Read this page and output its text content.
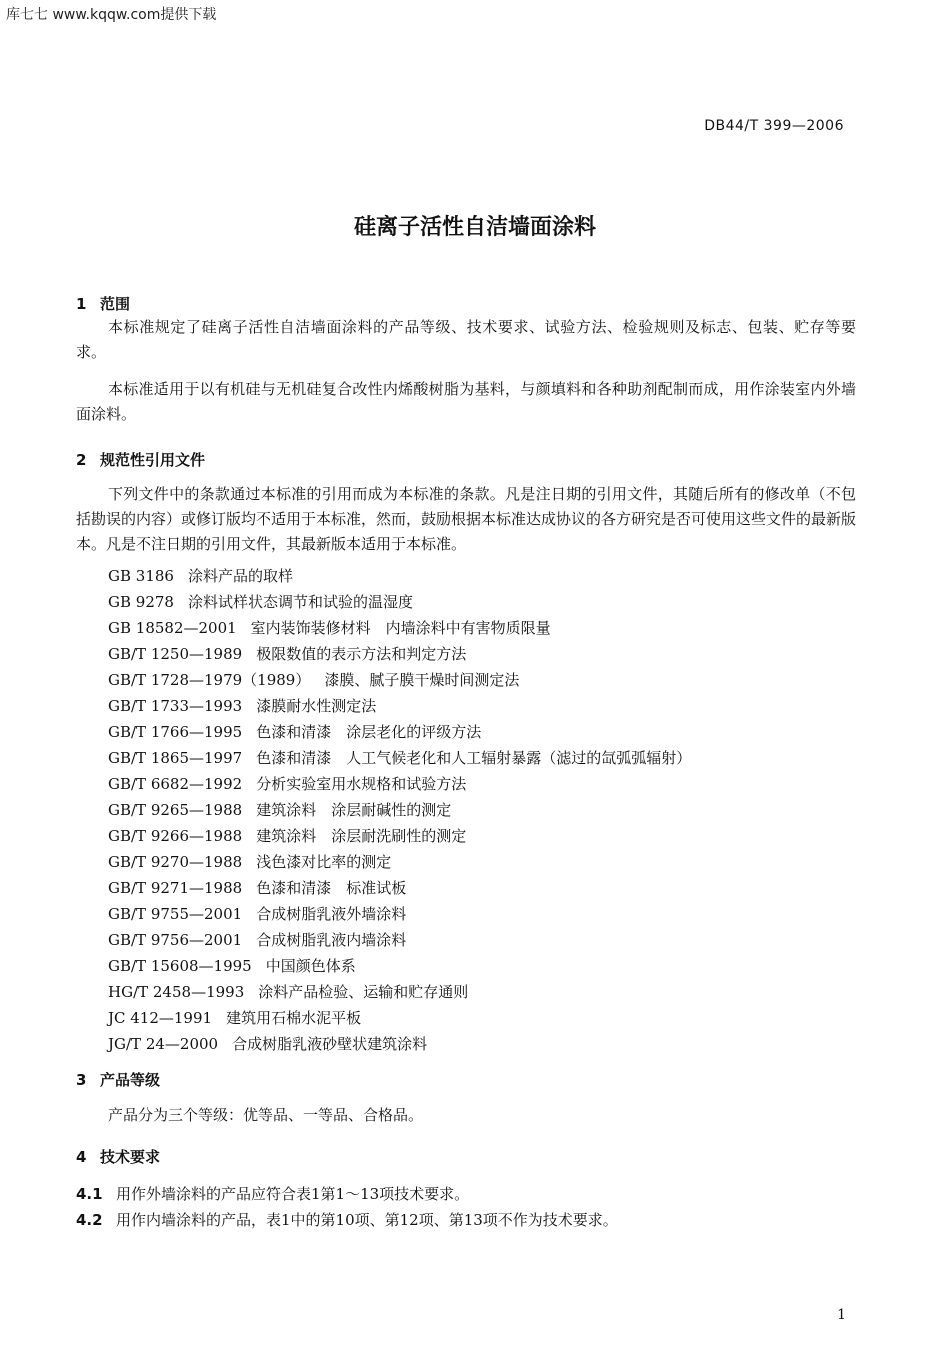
库七七 www.kqqw.com提供下载
DB44/T 399—2006
硅离子活性自洁墙面涂料
1 范围

本标准规定了硅离子活性自洁墙面涂料的产品等级、技术要求、试验方法、检验规则及标志、包装、贮存等要求。

本标准适用于以有机硅与无机硅复合改性内烯酸树脂为基料，与颜填料和各种助剂配制而成，用作涂装室内外墙面涂料。

2 规范性引用文件

下列文件中的条款通过本标准的引用而成为本标准的条款。凡是注日期的引用文件，其随后所有的修改单（不包括勘误的内容）或修订版均不适用于本标准，然而，鼓励根据本标准达成协议的各方研究是否可使用这些文件的最新版本。凡是不注日期的引用文件，其最新版本适用于本标准。

GB 3186 涂料产品的取样
GB 9278 涂料试样状态调节和试验的温湿度
GB 18582—2001 室内装饰装修材料　内墙涂料中有害物质限量
GB/T 1250—1989 极限数值的表示方法和判定方法
GB/T 1728—1979（1989） 漆膜、腻子膜干燥时间测定法
GB/T 1733—1993 漆膜耐水性测定法
GB/T 1766—1995 色漆和清漆　涂层老化的评级方法
GB/T 1865—1997 色漆和清漆　人工气候老化和人工辐射暴露（滤过的氙弧弧辐射）
GB/T 6682—1992 分析实验室用水规格和试验方法
GB/T 9265—1988 建筑涂料　涂层耐碱性的测定
GB/T 9266—1988 建筑涂料　涂层耐洗刷性的测定
GB/T 9270—1988 浅色漆对比率的测定
GB/T 9271—1988 色漆和清漆　标准试板
GB/T 9755—2001 合成树脂乳液外墙涂料
GB/T 9756—2001 合成树脂乳液内墙涂料
GB/T 15608—1995 中国颜色体系
HG/T 2458—1993 涂料产品检验、运输和贮存通则
JC 412—1991 建筑用石棉水泥平板
JG/T 24—2000 合成树脂乳液砂壁状建筑涂料
3 产品等级

产品分为三个等级：优等品、一等品、合格品。

4 技术要求
4.1 用作外墙涂料的产品应符合表1第1～13项技术要求。
4.2 用作内墙涂料的产品，表1中的第10项、第12项、第13项不作为技术要求。
1
